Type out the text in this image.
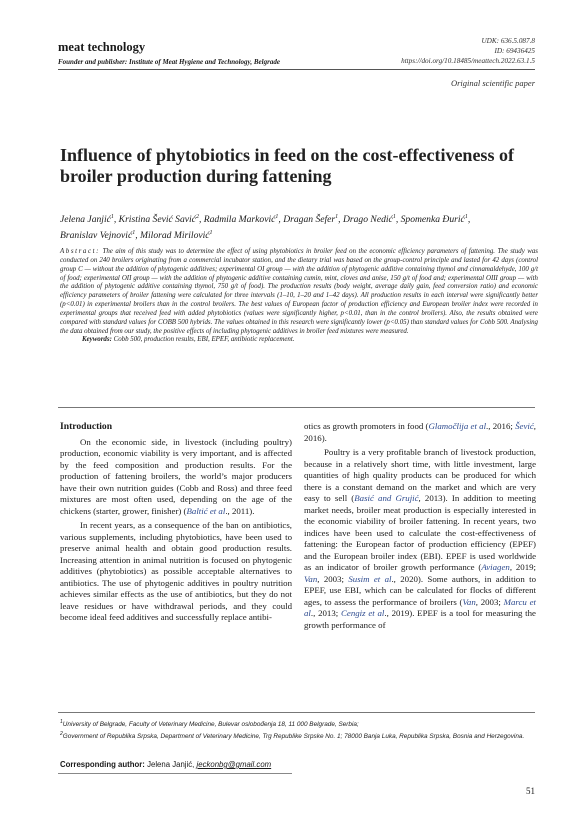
meat technology
Founder and publisher: Institute of Meat Hygiene and Technology, Belgrade
UDK: 636.5.087.8
ID: 69436425
https://doi.org/10.18485/meattech.2022.63.1.5
Original scientific paper
Influence of phytobiotics in feed on the cost-effectiveness of broiler production during fattening
Jelena Janjić$^1$, Kristina Šević Savić$^2$, Radmila Marković$^1$, Dragan Šefer$^1$, Drago Nedić$^1$, Spomenka Đurić$^1$, Branislav Vejnović$^1$, Milorad Mirilović$^1$
Abstract: The aim of this study was to determine the effect of using phytobiotics in broiler feed on the economic efficiency parameters of fattening. The study was conducted on 240 broilers originating from a commercial incubator station, and the dietary trial was based on the group-control principle and lasted for 42 days (control group C — without the addition of phytogenic additives; experimental OI group — with the addition of phytogenic additive containing thymol and cinnamaldehyde, 100 g/t of food; experimental OII group — with the addition of phytogenic additive containing cumin, mint, cloves and anise, 150 g/t of food and; experimental OIII group — with the addition of phytogenic additive containing thymol, 750 g/t of food). The production results (body weight, average daily gain, feed conversion ratio) and economic efficiency parameters of broiler fattening were calculated for three intervals (1–10, 1–20 and 1–42 days). All production results in each interval were significantly better (p<0.01) in experimental broilers than in the control broilers. The best values of European factor of production efficiency and European broiler index were recorded in experimental groups that received feed with added phytobiotics (values were significantly higher, p<0.01, than in the control broilers). Also, the results obtained were compared with standard values for COBB 500 hybrids. The values obtained in this research were significantly lower (p<0.05) than standard values for Cobb 500. Analysing the data obtained from our study, the positive effects of including phytogenic additives in broiler feed mixtures were measured.
Keywords: Cobb 500, production results, EBI, EPEF, antibiotic replacement.
Introduction

On the economic side, in livestock (including poultry) production, economic viability is very important, and is affected by the feed composition and production results. For the production of fattening broilers, the world’s major producers have their own nutrition guides (Cobb and Ross) and three feed mixtures are most often used, depending on the age of the chickens (starter, grower, finisher) (Baltić et al., 2011).

In recent years, as a consequence of the ban on antibiotics, various supplements, including phytobiotics, have been used to preserve animal health and obtain good production results. Increasing attention in animal nutrition is focused on phytogenic additives (phytobiotics) as possible acceptable alternatives to antibiotics. The use of phytogenic additives in poultry nutrition achieves similar effects as the use of antibiotics, but they do not leave residues or have withdrawal periods, and they could become ideal feed additives and successfully replace antibi-

otics as growth promoters in food (Glamočlija et al., 2016; Šević, 2016).

Poultry is a very profitable branch of livestock production, because in a relatively short time, with little investment, large quantities of high quality products can be produced for which there is a constant demand on the market and which are very easy to sell (Basić and Grujić, 2013). In addition to meeting market needs, broiler meat production is especially interested in the economic viability of broiler fattening. In recent years, two indices have been used to calculate the cost-effectiveness of fattening: the European factor of production efficiency (EPEF) and the European broiler index (EBI). EPEF is used worldwide as an indicator of broiler growth performance (Aviagen, 2019; Van, 2003; Susim et al., 2020). Some authors, in addition to EPEF, use EBI, which can be calculated for flocks of different ages, to assess the performance of broilers (Van, 2003; Marcu et al., 2013; Cengiz et al., 2019). EPEF is a tool for measuring the growth performance of

$^1$University of Belgrade, Faculty of Veterinary Medicine, Bulevar oslobođenja 18, 11 000 Belgrade, Serbia;
$^2$Government of Republika Srpska, Department of Veterinary Medicine, Trg Republike Srpske No. 1; 78000 Banja Luka, Republika Srpska, Bosnia and Herzegovina.
Corresponding author: Jelena Janjić, jeckonbg@gmail.com
51
